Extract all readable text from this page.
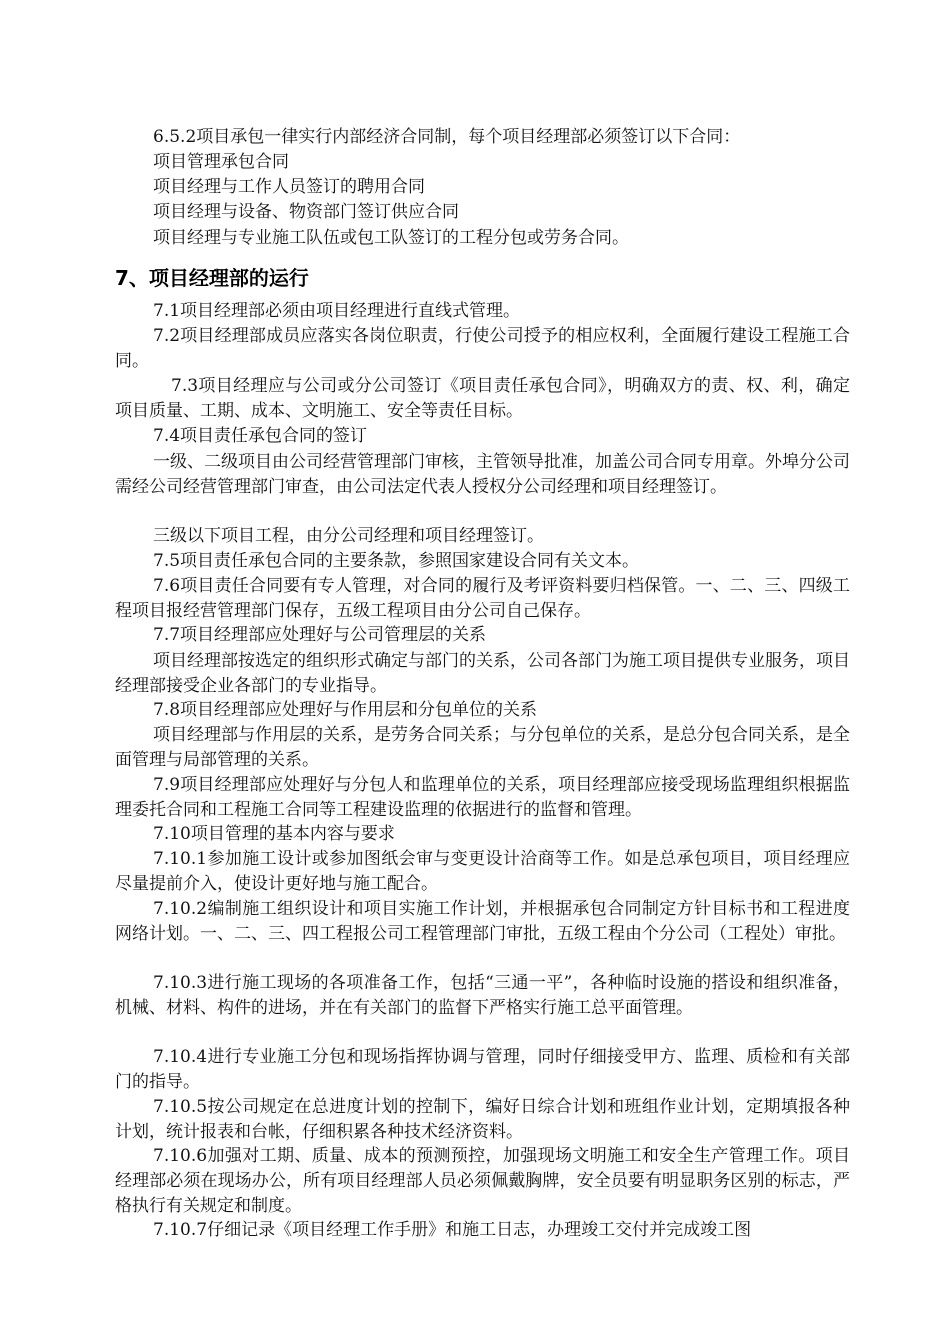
6.5.2项目承包一律实行内部经济合同制，每个项目经理部必须签订以下合同：
项目管理承包合同
项目经理与工作人员签订的聘用合同
项目经理与设备、物资部门签订供应合同
项目经理与专业施工队伍或包工队签订的工程分包或劳务合同。
7、项目经理部的运行
7.1项目经理部必须由项目经理进行直线式管理。
7.2项目经理部成员应落实各岗位职责，行使公司授予的相应权利，全面履行建设工程施工合同。
7.3项目经理应与公司或分公司签订《项目责任承包合同》，明确双方的责、权、利，确定项目质量、工期、成本、文明施工、安全等责任目标。
7.4项目责任承包合同的签订
一级、二级项目由公司经营管理部门审核，主管领导批准，加盖公司合同专用章。外埠分公司需经公司经营管理部门审查，由公司法定代表人授权分公司经理和项目经理签订。
三级以下项目工程，由分公司经理和项目经理签订。
7.5项目责任承包合同的主要条款，参照国家建设合同有关文本。
7.6项目责任合同要有专人管理，对合同的履行及考评资料要归档保管。一、二、三、四级工程项目报经营管理部门保存，五级工程项目由分公司自己保存。
7.7项目经理部应处理好与公司管理层的关系
项目经理部按选定的组织形式确定与部门的关系，公司各部门为施工项目提供专业服务，项目经理部接受企业各部门的专业指导。
7.8项目经理部应处理好与作用层和分包单位的关系
项目经理部与作用层的关系，是劳务合同关系；与分包单位的关系，是总分包合同关系，是全面管理与局部管理的关系。
7.9项目经理部应处理好与分包人和监理单位的关系，项目经理部应接受现场监理组织根据监理委托合同和工程施工合同等工程建设监理的依据进行的监督和管理。
7.10项目管理的基本内容与要求
7.10.1参加施工设计或参加图纸会审与变更设计洽商等工作。如是总承包项目，项目经理应尽量提前介入，使设计更好地与施工配合。
7.10.2编制施工组织设计和项目实施工作计划，并根据承包合同制定方针目标书和工程进度网络计划。一、二、三、四工程报公司工程管理部门审批，五级工程由个分公司（工程处）审批。
7.10.3进行施工现场的各项准备工作，包括“三通一平”，各种临时设施的搭设和组织准备，机械、材料、构件的进场，并在有关部门的监督下严格实行施工总平面管理。
7.10.4进行专业施工分包和现场指挥协调与管理，同时仔细接受甲方、监理、质检和有关部门的指导。
7.10.5按公司规定在总进度计划的控制下，编好日综合计划和班组作业计划，定期填报各种计划，统计报表和台帐，仔细积累各种技术经济资料。
7.10.6加强对工期、质量、成本的预测预控，加强现场文明施工和安全生产管理工作。项目经理部必须在现场办公，所有项目经理部人员必须佩戴胸牌，安全员要有明显职务区别的标志，严格执行有关规定和制度。
7.10.7仔细记录《项目经理工作手册》和施工日志，办理竣工交付并完成竣工图
